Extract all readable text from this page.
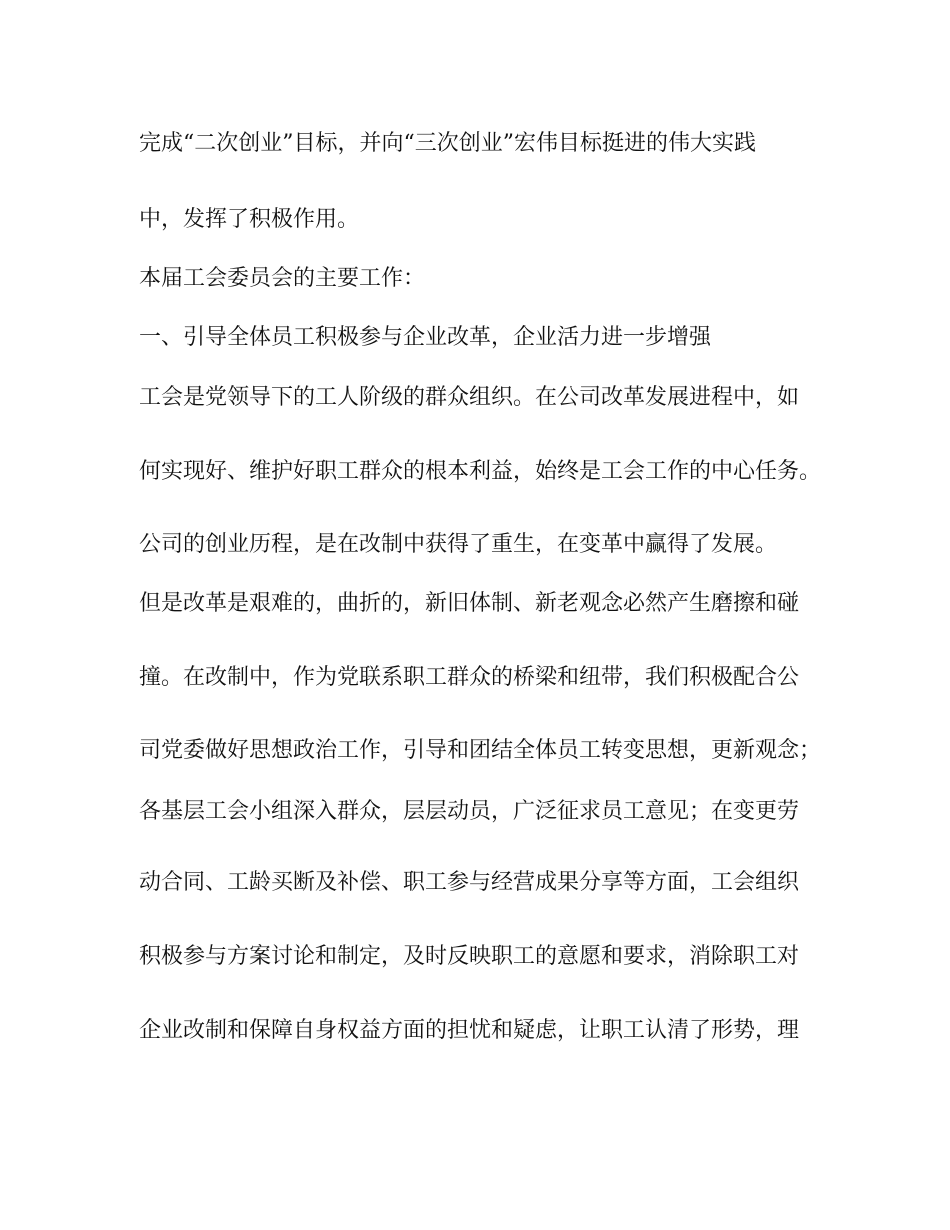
完成“二次创业”目标，并向“三次创业”宏伟目标挺进的伟大实践

中，发挥了积极作用。

本届工会委员会的主要工作：

一、引导全体员工积极参与企业改革，企业活力进一步增强

工会是党领导下的工人阶级的群众组织。在公司改革发展进程中，如

何实现好、维护好职工群众的根本利益，始终是工会工作的中心任务。

公司的创业历程，是在改制中获得了重生，在变革中赢得了发展。

但是改革是艰难的，曲折的，新旧体制、新老观念必然产生磨擦和碰

撞。在改制中，作为党联系职工群众的桥梁和纽带，我们积极配合公

司党委做好思想政治工作，引导和团结全体员工转变思想，更新观念；

各基层工会小组深入群众，层层动员，广泛征求员工意见；在变更劳

动合同、工龄买断及补偿、职工参与经营成果分享等方面，工会组织

积极参与方案讨论和制定，及时反映职工的意愿和要求，消除职工对

企业改制和保障自身权益方面的担忧和疑虑，让职工认清了形势，理
